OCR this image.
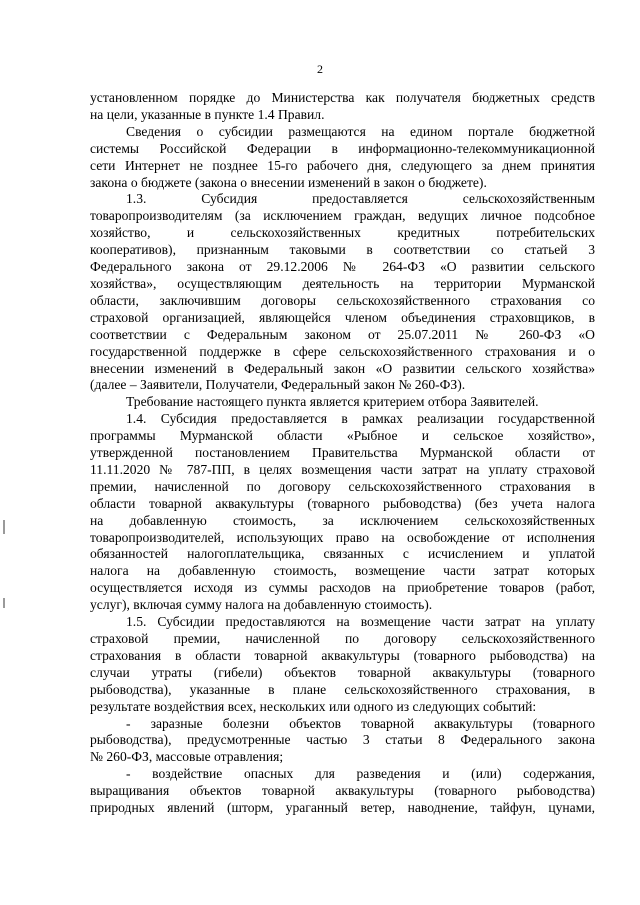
2
установленном порядке до Министерства как получателя бюджетных средств
на цели, указанные в пункте 1.4 Правил.
Сведения о субсидии размещаются на едином портале бюджетной
системы Российской Федерации в информационно-телекоммуникационной
сети Интернет не позднее 15-го рабочего дня, следующего за днем принятия
закона о бюджете (закона о внесении изменений в закон о бюджете).
1.3. Субсидия предоставляется сельскохозяйственным
товаропроизводителям (за исключением граждан, ведущих личное подсобное
хозяйство, и сельскохозяйственных кредитных потребительских
кооперативов), признанным таковыми в соответствии со статьей 3
Федерального закона от 29.12.2006 № 264-ФЗ «О развитии сельского
хозяйства», осуществляющим деятельность на территории Мурманской
области, заключившим договоры сельскохозяйственного страхования со
страховой организацией, являющейся членом объединения страховщиков, в
соответствии с Федеральным законом от 25.07.2011 № 260-ФЗ «О
государственной поддержке в сфере сельскохозяйственного страхования и о
внесении изменений в Федеральный закон «О развитии сельского хозяйства»
(далее – Заявители, Получатели, Федеральный закон № 260-ФЗ).
Требование настоящего пункта является критерием отбора Заявителей.
1.4. Субсидия предоставляется в рамках реализации государственной
программы Мурманской области «Рыбное и сельское хозяйство»,
утвержденной постановлением Правительства Мурманской области от
11.11.2020 № 787-ПП, в целях возмещения части затрат на уплату страховой
премии, начисленной по договору сельскохозяйственного страхования в
области товарной аквакультуры (товарного рыбоводства) (без учета налога
на добавленную стоимость, за исключением сельскохозяйственных
товаропроизводителей, использующих право на освобождение от исполнения
обязанностей налогоплательщика, связанных с исчислением и уплатой
налога на добавленную стоимость, возмещение части затрат которых
осуществляется исходя из суммы расходов на приобретение товаров (работ,
услуг), включая сумму налога на добавленную стоимость).
1.5. Субсидии предоставляются на возмещение части затрат на уплату
страховой премии, начисленной по договору сельскохозяйственного
страхования в области товарной аквакультуры (товарного рыбоводства) на
случаи утраты (гибели) объектов товарной аквакультуры (товарного
рыбоводства), указанные в плане сельскохозяйственного страхования, в
результате воздействия всех, нескольких или одного из следующих событий:
- заразные болезни объектов товарной аквакультуры (товарного
рыбоводства), предусмотренные частью 3 статьи 8 Федерального закона
№ 260-ФЗ, массовые отравления;
- воздействие опасных для разведения и (или) содержания,
выращивания объектов товарной аквакультуры (товарного рыбоводства)
природных явлений (шторм, ураганный ветер, наводнение, тайфун, цунами,
